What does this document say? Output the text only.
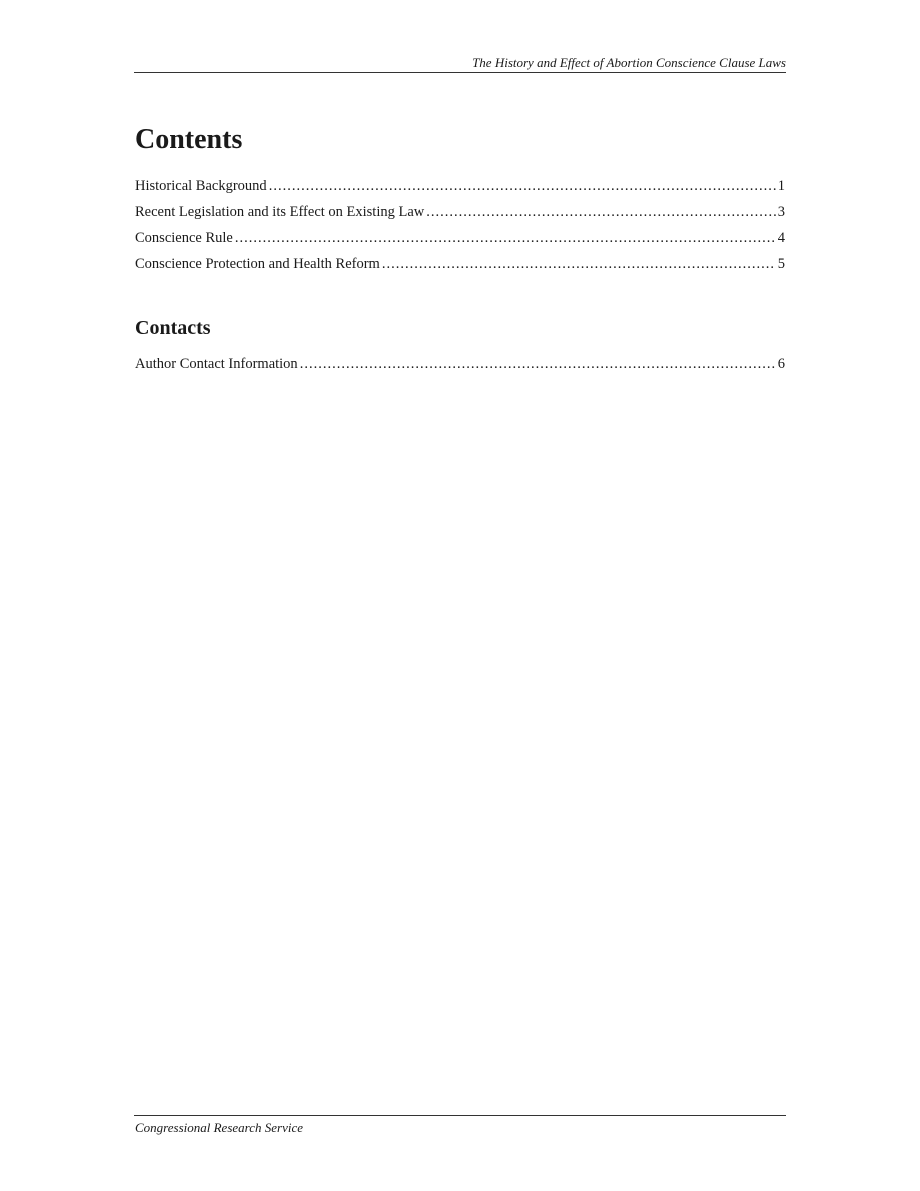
The History and Effect of Abortion Conscience Clause Laws
Contents
Historical Background .....	1
Recent Legislation and its Effect on Existing Law .....	3
Conscience Rule .....	4
Conscience Protection and Health Reform .....	5
Contacts
Author Contact Information .....	6
Congressional Research Service
